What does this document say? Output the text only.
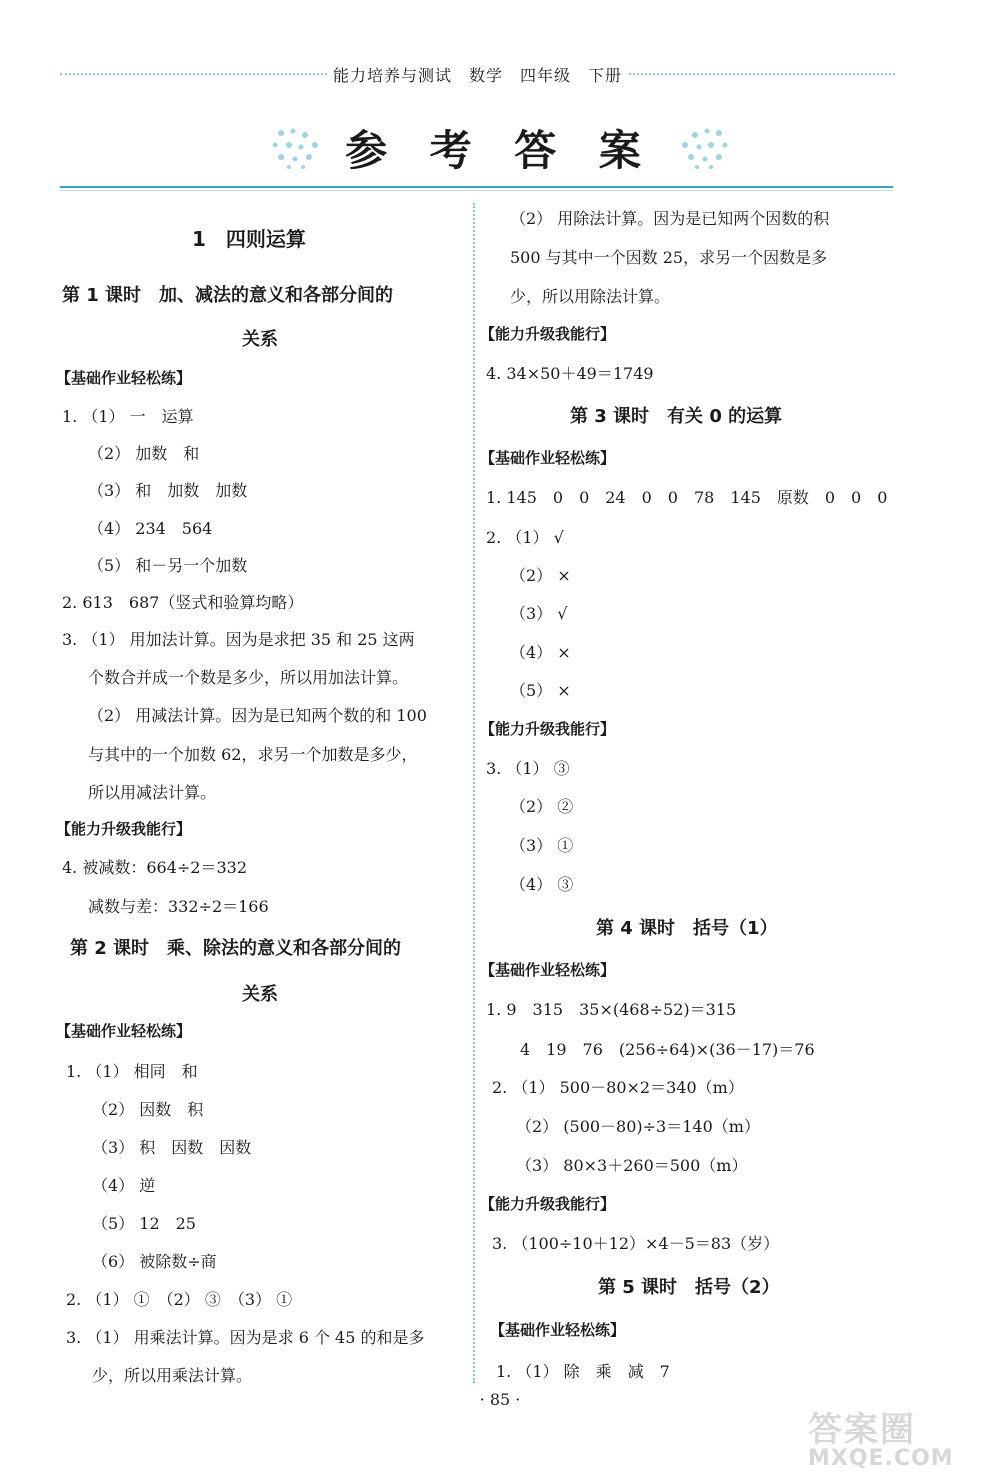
能力培养与测试　数学　四年级　下册
参 考 答 案
1　四则运算
第 1 课时　加、减法的意义和各部分间的
关系
【基础作业轻松练】
1. （1） 一　运算
（2） 加数　和
（3） 和　加数　加数
（4） 234　564
（5） 和－另一个加数
2. 613　687（竖式和验算均略）
3. （1） 用加法计算。因为是求把 35 和 25 这两
个数合并成一个数是多少，所以用加法计算。
（2） 用减法计算。因为是已知两个数的和 100
与其中的一个加数 62，求另一个加数是多少，
所以用减法计算。
【能力升级我能行】
4. 被减数：664÷2＝332
减数与差：332÷2＝166
第 2 课时　乘、除法的意义和各部分间的
关系
【基础作业轻松练】
1. （1） 相同　和
（2） 因数　积
（3） 积　因数　因数
（4） 逆
（5） 12　25
（6） 被除数÷商
2. （1） ①　（2） ③　（3） ①
3. （1） 用乘法计算。因为是求 6 个 45 的和是多
少，所以用乘法计算。
（2） 用除法计算。因为是已知两个因数的积
500 与其中一个因数 25，求另一个因数是多
少，所以用除法计算。
【能力升级我能行】
4. 34×50＋49＝1749
第 3 课时　有关 0 的运算
【基础作业轻松练】
1. 145　0　0　24　0　0　78　145　原数　0　0　0
2. （1） √
（2） ×
（3） √
（4） ×
（5） ×
【能力升级我能行】
3. （1） ③
（2） ②
（3） ①
（4） ③
第 4 课时　括号（1）
【基础作业轻松练】
1. 9　315　35×(468÷52)＝315
4　19　76　(256÷64)×(36－17)＝76
2. （1） 500－80×2＝340（m）
（2） (500－80)÷3＝140（m）
（3） 80×3＋260＝500（m）
【能力升级我能行】
3. （100÷10＋12）×4－5＝83（岁）
第 5 课时　括号（2）
【基础作业轻松练】
1. （1） 除　乘　减　7
· 85 ·
答案圈
MXQE.COM
